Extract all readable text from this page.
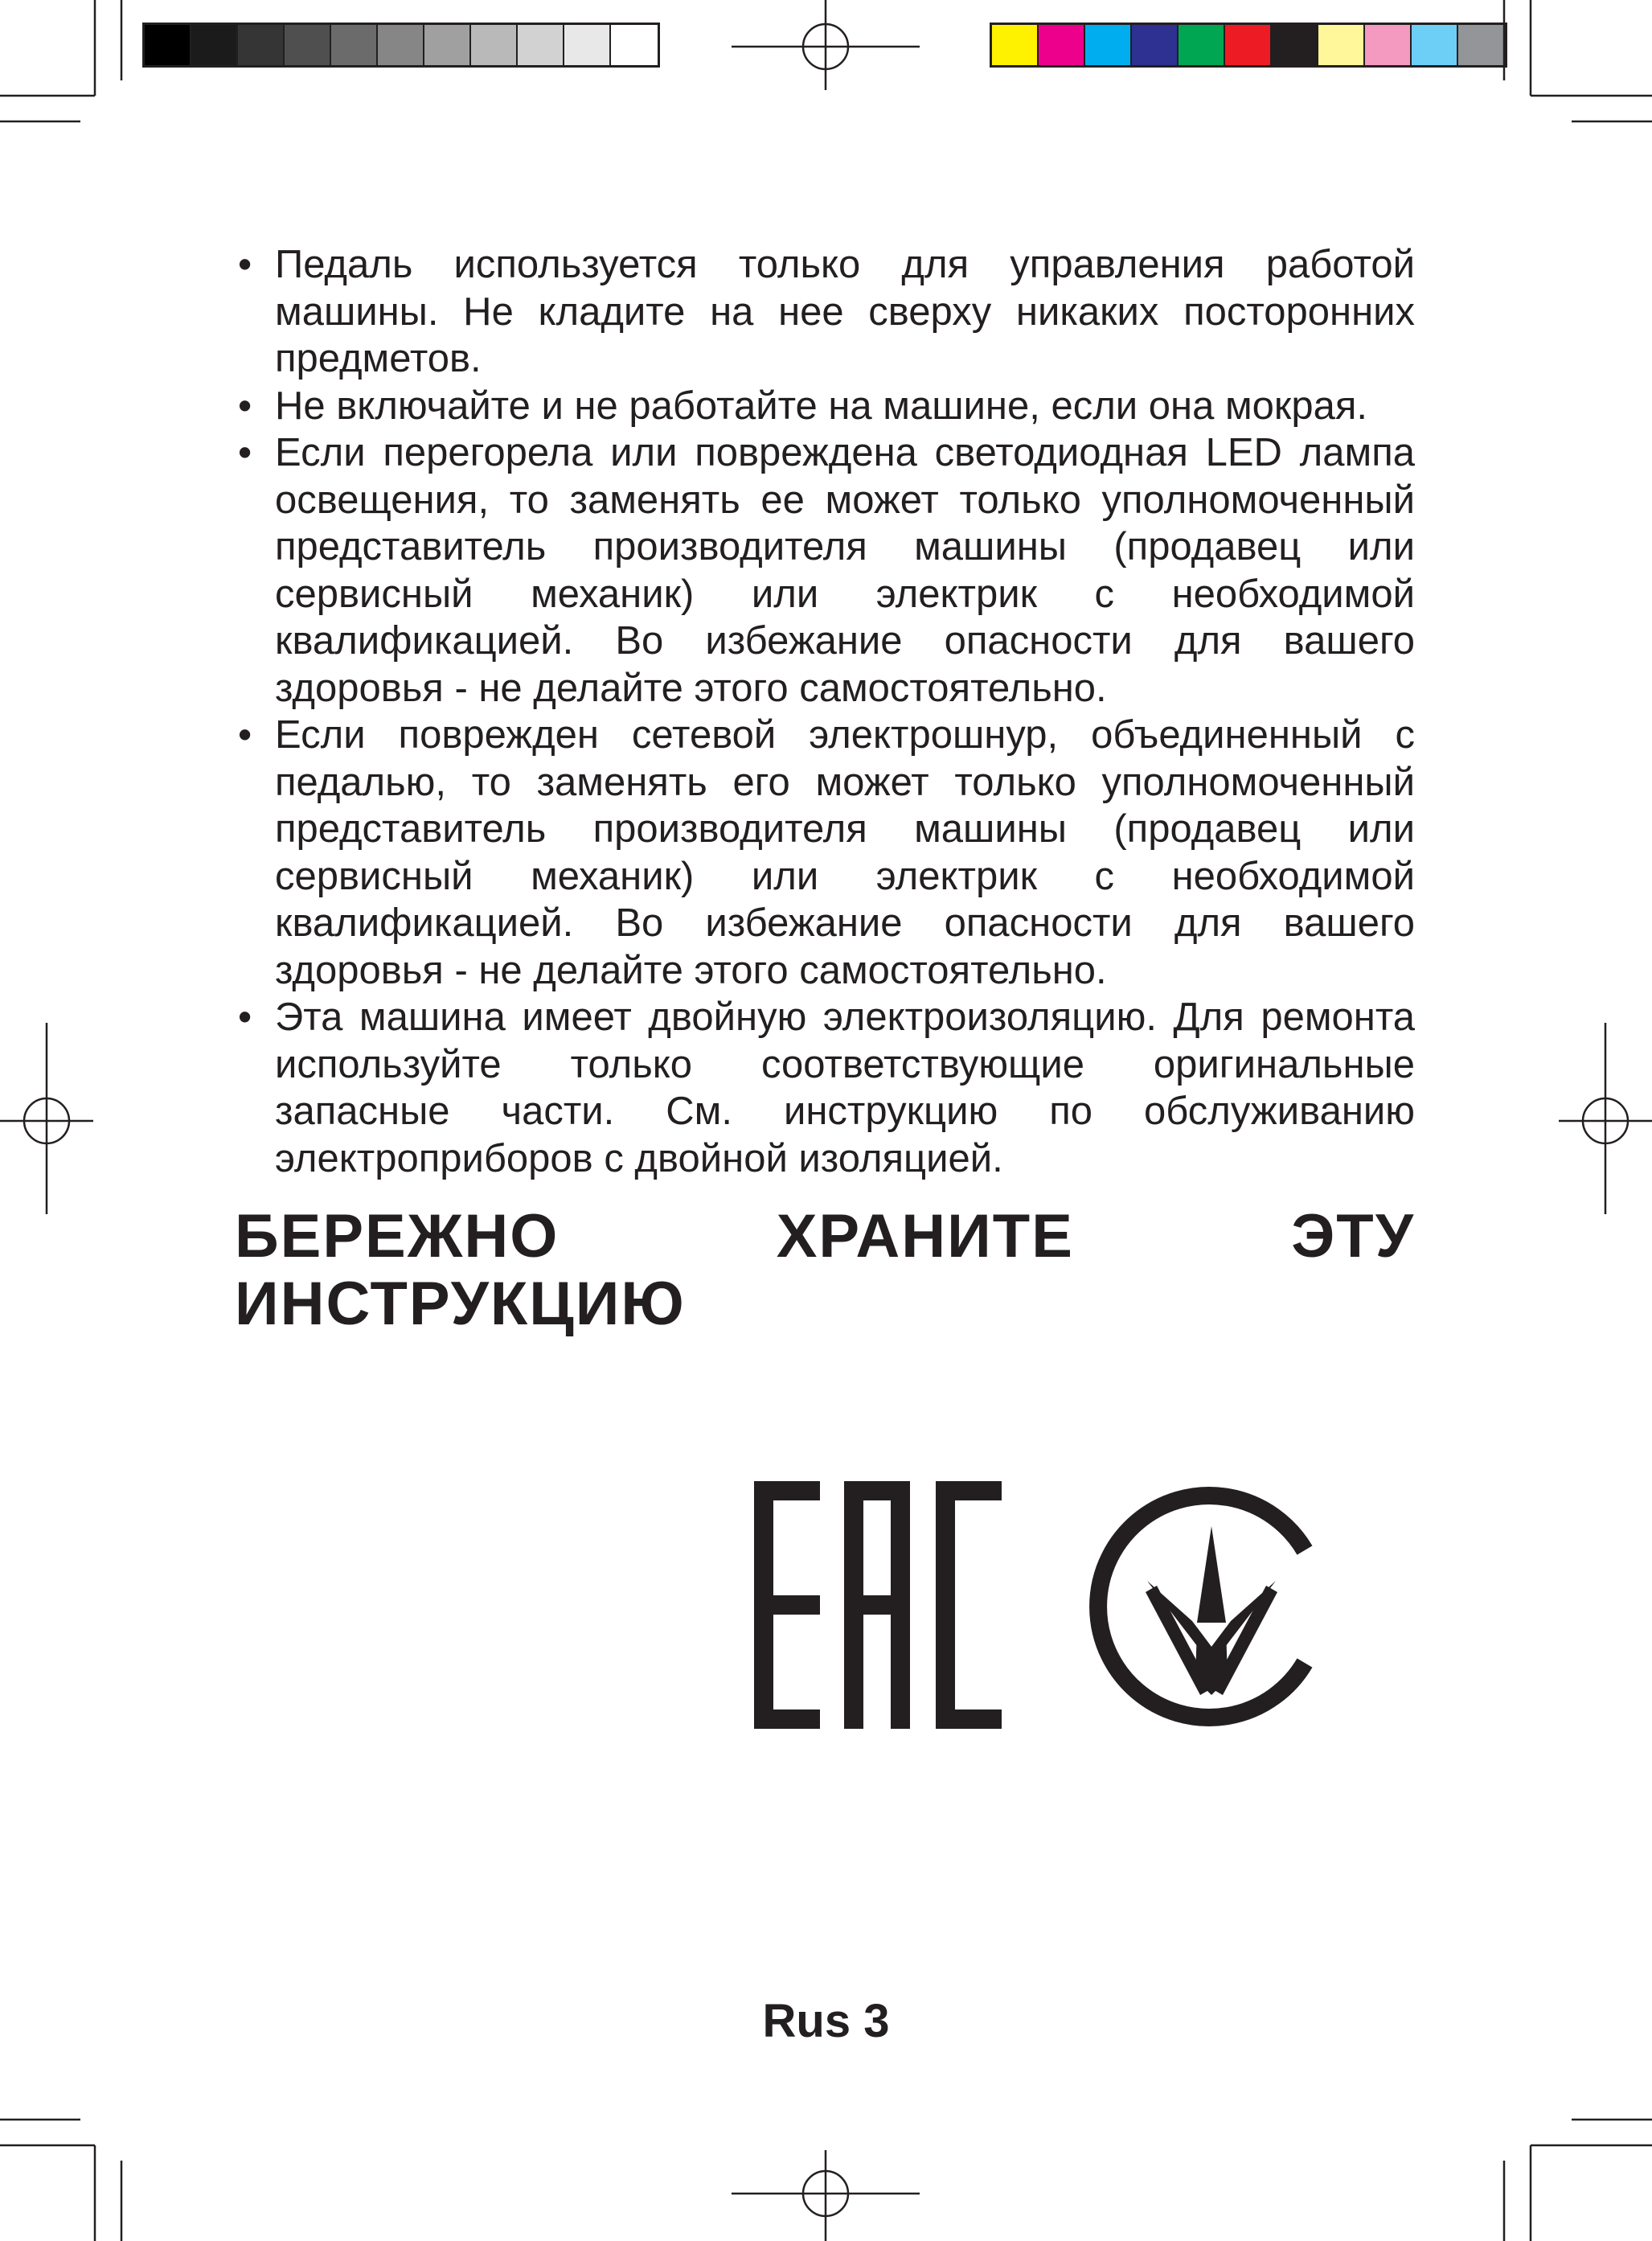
• Педаль используется только для управления работой машины. Не кладите на нее сверху никаких посторонних предметов.
• Не включайте и не работайте на машине, если она мокрая.
• Если перегорела или повреждена светодиодная LED лампа освещения, то заменять ее может только уполномоченный представитель производителя машины (продавец или сервисный механик) или электрик с необходимой квалификацией. Во избежание опасности для вашего здоровья - не делайте этого самостоятельно.
• Если поврежден сетевой электрошнур, объединенный с педалью, то заменять его может только уполномоченный представитель производителя машины (продавец или сервисный механик) или электрик с необходимой квалификацией. Во избежание опасности для вашего здоровья - не делайте этого самостоятельно.
• Эта машина имеет двойную электроизоляцию. Для ремонта используйте только соответствующие оригинальные запасные части. См. инструкцию по обслуживанию электроприборов с двойной изоляцией.
БЕРЕЖНО ХРАНИТЕ ЭТУ ИНСТРУКЦИЮ
Rus 3
